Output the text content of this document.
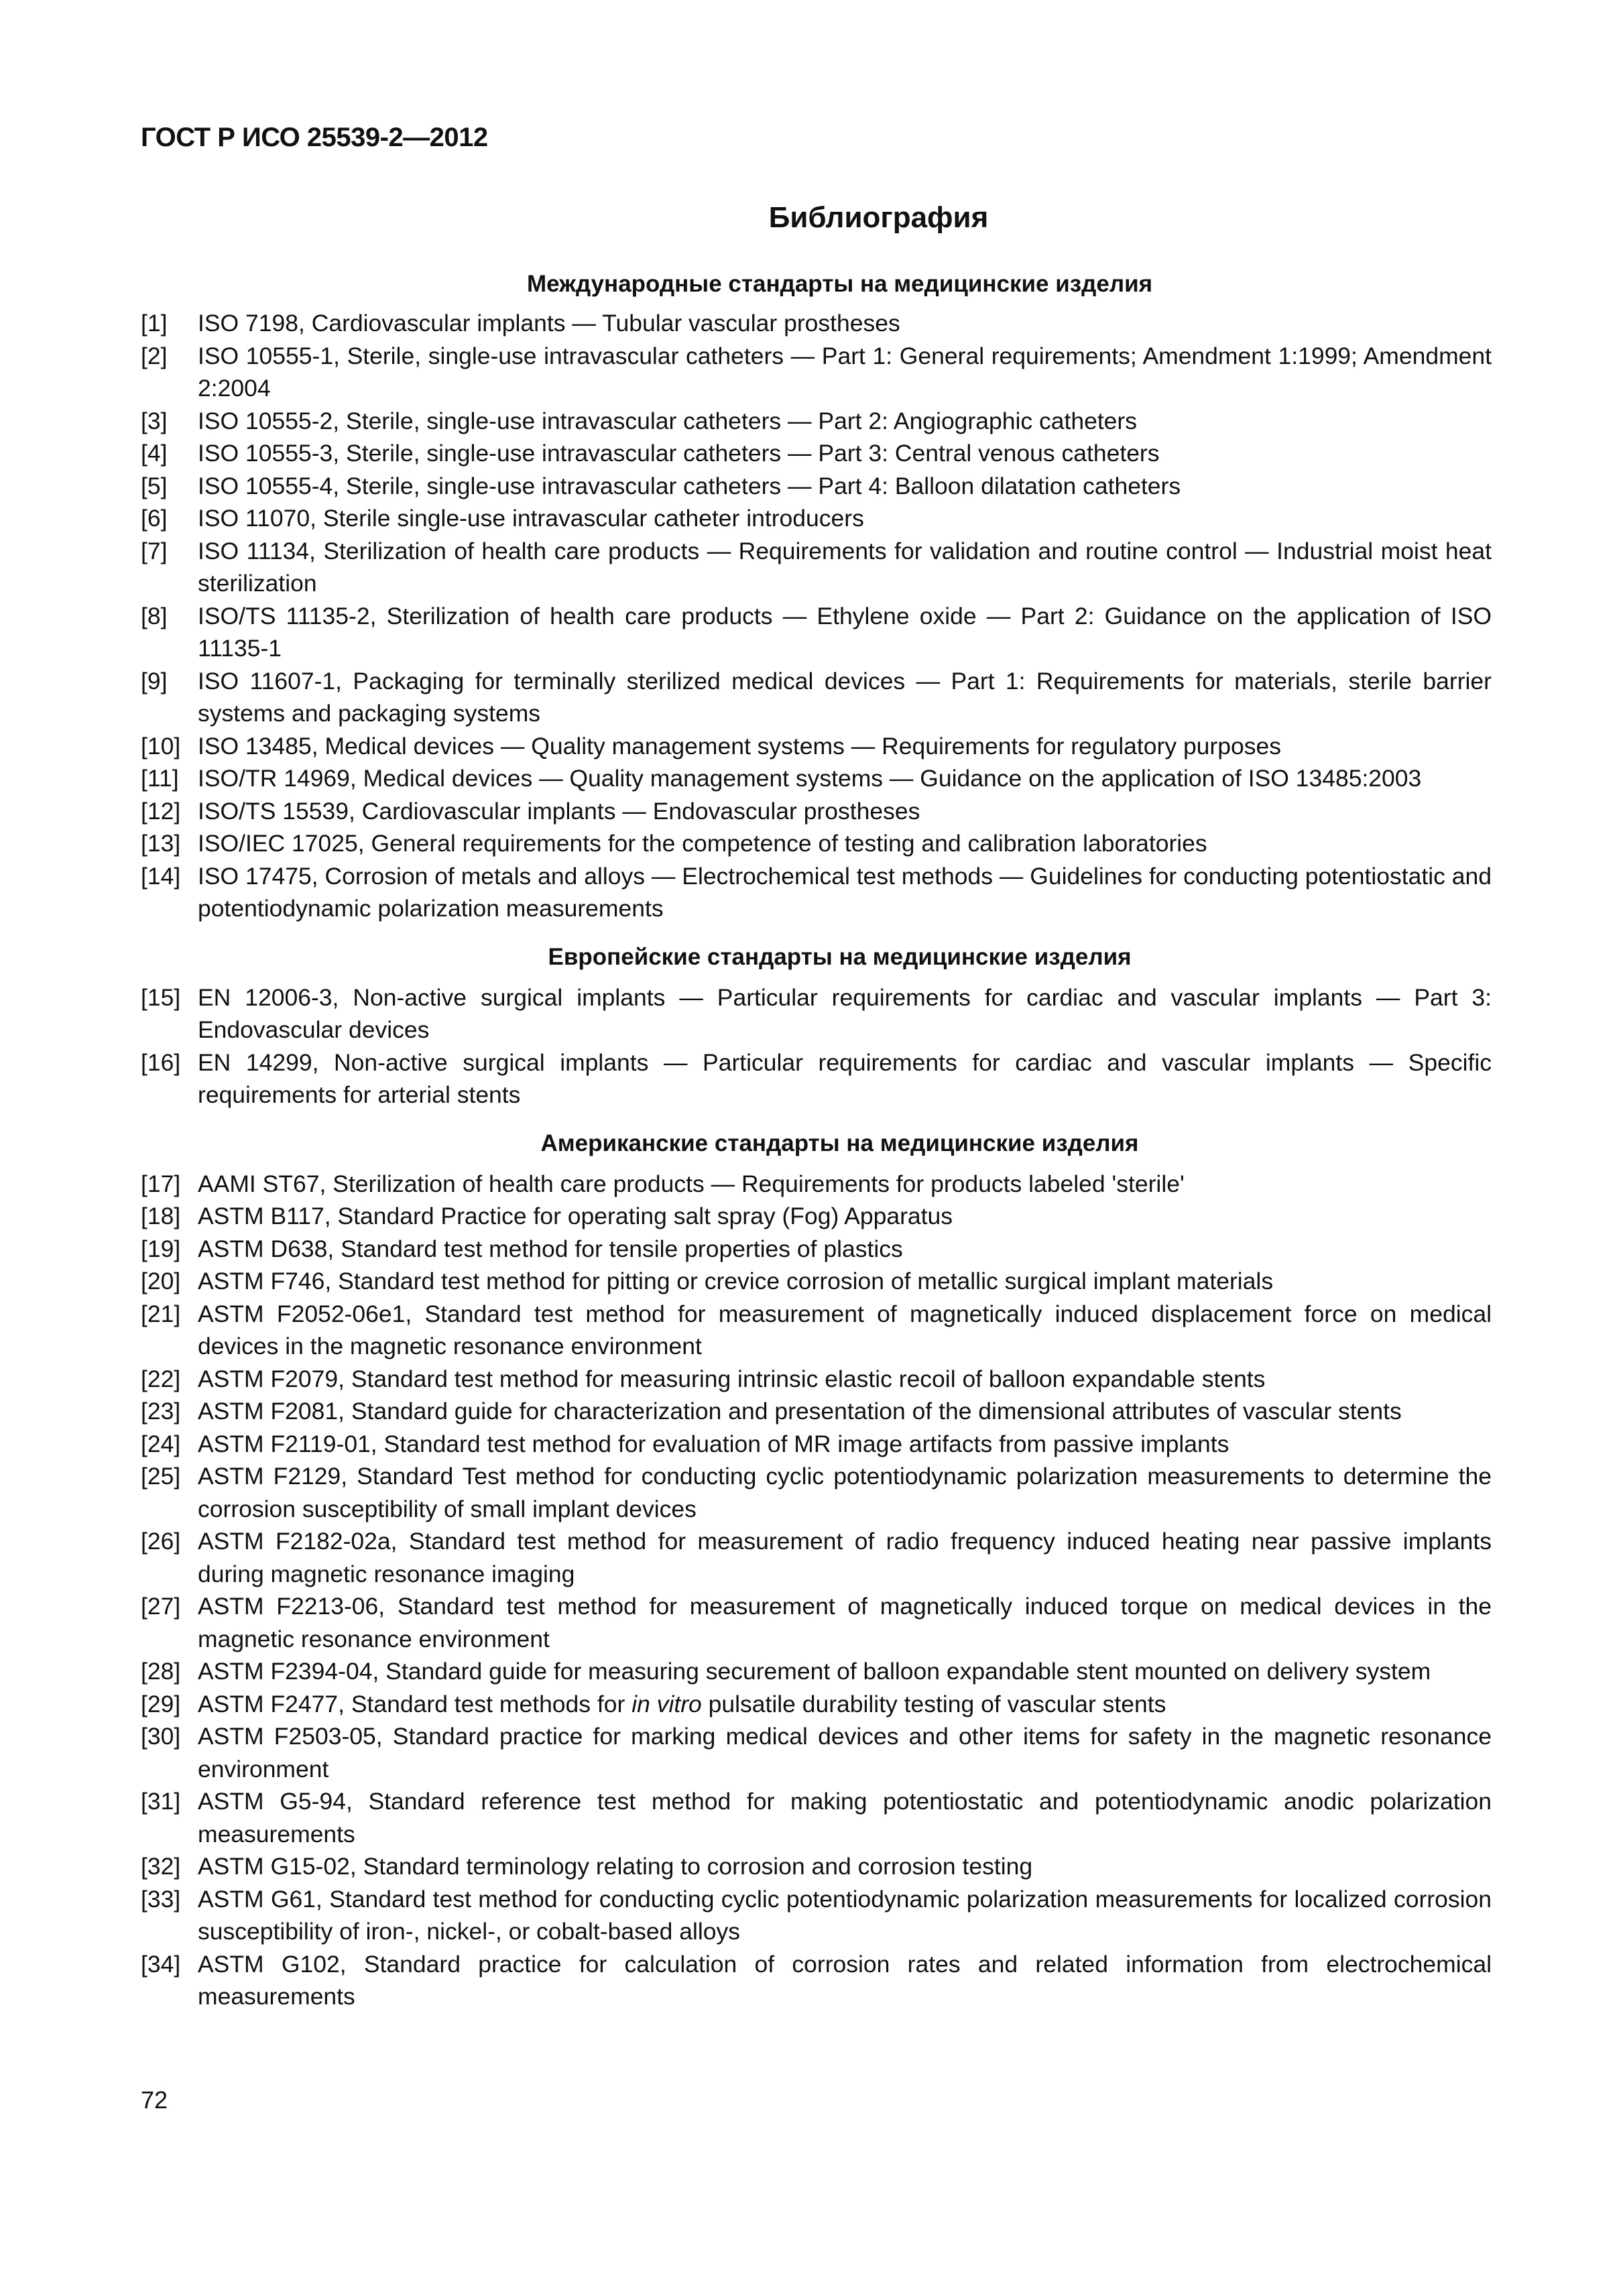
ГОСТ Р ИСО 25539-2—2012
Библиография
Международные стандарты на медицинские изделия
[1] ISO 7198, Cardiovascular implants — Tubular vascular prostheses
[2] ISO 10555-1, Sterile, single-use intravascular catheters — Part 1: General requirements; Amendment 1:1999; Amendment 2:2004
[3] ISO 10555-2, Sterile, single-use intravascular catheters — Part 2: Angiographic catheters
[4] ISO 10555-3, Sterile, single-use intravascular catheters — Part 3: Central venous catheters
[5] ISO 10555-4, Sterile, single-use intravascular catheters — Part 4: Balloon dilatation catheters
[6] ISO 11070, Sterile single-use intravascular catheter introducers
[7] ISO 11134, Sterilization of health care products — Requirements for validation and routine control — Industrial moist heat sterilization
[8] ISO/TS 11135-2, Sterilization of health care products — Ethylene oxide — Part 2: Guidance on the application of ISO 11135-1
[9] ISO 11607-1, Packaging for terminally sterilized medical devices — Part 1: Requirements for materials, sterile barrier systems and packaging systems
[10] ISO 13485, Medical devices — Quality management systems — Requirements for regulatory purposes
[11] ISO/TR 14969, Medical devices — Quality management systems — Guidance on the application of ISO 13485:2003
[12] ISO/TS 15539, Cardiovascular implants — Endovascular prostheses
[13] ISO/IEC 17025, General requirements for the competence of testing and calibration laboratories
[14] ISO 17475, Corrosion of metals and alloys — Electrochemical test methods — Guidelines for conducting potentiostatic and potentiodynamic polarization measurements
Европейские стандарты на медицинские изделия
[15] EN 12006-3, Non-active surgical implants — Particular requirements for cardiac and vascular implants — Part 3: Endovascular devices
[16] EN 14299, Non-active surgical implants — Particular requirements for cardiac and vascular implants — Specific requirements for arterial stents
Американские стандарты на медицинские изделия
[17] AAMI ST67, Sterilization of health care products — Requirements for products labeled 'sterile'
[18] ASTM B117, Standard Practice for operating salt spray (Fog) Apparatus
[19] ASTM D638, Standard test method for tensile properties of plastics
[20] ASTM F746, Standard test method for pitting or crevice corrosion of metallic surgical implant materials
[21] ASTM F2052-06e1, Standard test method for measurement of magnetically induced displacement force on medical devices in the magnetic resonance environment
[22] ASTM F2079, Standard test method for measuring intrinsic elastic recoil of balloon expandable stents
[23] ASTM F2081, Standard guide for characterization and presentation of the dimensional attributes of vascular stents
[24] ASTM F2119-01, Standard test method for evaluation of MR image artifacts from passive implants
[25] ASTM F2129, Standard Test method for conducting cyclic potentiodynamic polarization measurements to determine the corrosion susceptibility of small implant devices
[26] ASTM F2182-02a, Standard test method for measurement of radio frequency induced heating near passive implants during magnetic resonance imaging
[27] ASTM F2213-06, Standard test method for measurement of magnetically induced torque on medical devices in the magnetic resonance environment
[28] ASTM F2394-04, Standard guide for measuring securement of balloon expandable stent mounted on delivery system
[29] ASTM F2477, Standard test methods for in vitro pulsatile durability testing of vascular stents
[30] ASTM F2503-05, Standard practice for marking medical devices and other items for safety in the magnetic resonance environment
[31] ASTM G5-94, Standard reference test method for making potentiostatic and potentiodynamic anodic polarization measurements
[32] ASTM G15-02, Standard terminology relating to corrosion and corrosion testing
[33] ASTM G61, Standard test method for conducting cyclic potentiodynamic polarization measurements for localized corrosion susceptibility of iron-, nickel-, or cobalt-based alloys
[34] ASTM G102, Standard practice for calculation of corrosion rates and related information from electrochemical measurements
72
